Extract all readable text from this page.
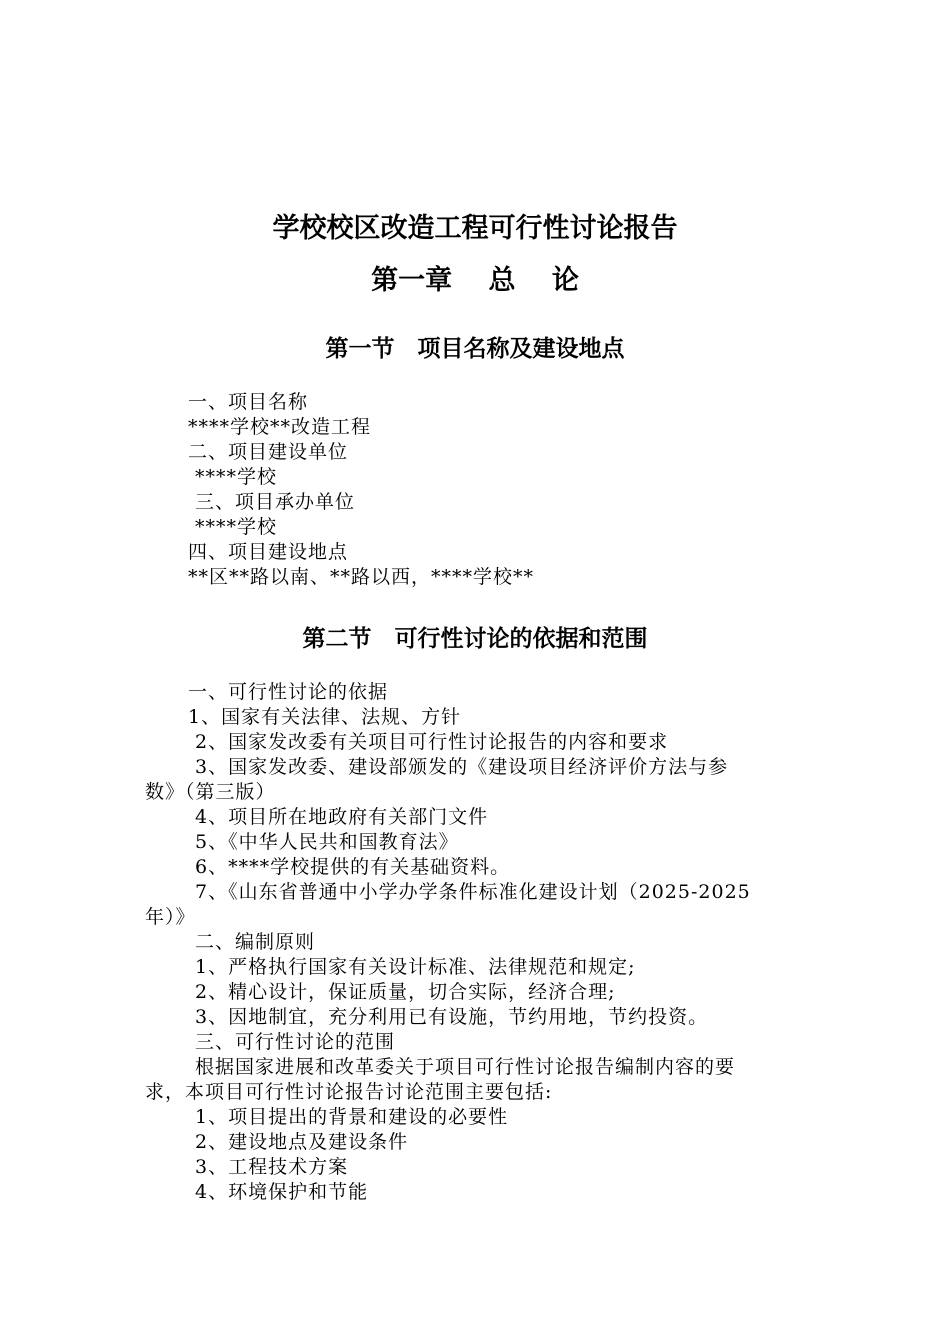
学校校区改造工程可行性讨论报告
第一章　 总　 论
第一节　项目名称及建设地点
一、项目名称
****学校**改造工程
二、项目建设单位
****学校
三、项目承办单位
****学校
四、项目建设地点
**区**路以南、**路以西，****学校**
第二节　可行性讨论的依据和范围
一、可行性讨论的依据
1、国家有关法律、法规、方针
2、国家发改委有关项目可行性讨论报告的内容和要求
3、国家发改委、建设部颁发的《建设项目经济评价方法与参
数》（第三版）
4、项目所在地政府有关部门文件
5、《中华人民共和国教育法》
6、****学校提供的有关基础资料。
7、《山东省普通中小学办学条件标准化建设计划（2025-2025
年）》
二、编制原则
1、严格执行国家有关设计标准、法律规范和规定;
2、精心设计，保证质量，切合实际，经济合理;
3、因地制宜，充分利用已有设施，节约用地，节约投资。
三、可行性讨论的范围
根据国家进展和改革委关于项目可行性讨论报告编制内容的要
求，本项目可行性讨论报告讨论范围主要包括:
1、项目提出的背景和建设的必要性
2、建设地点及建设条件
3、工程技术方案
4、环境保护和节能
